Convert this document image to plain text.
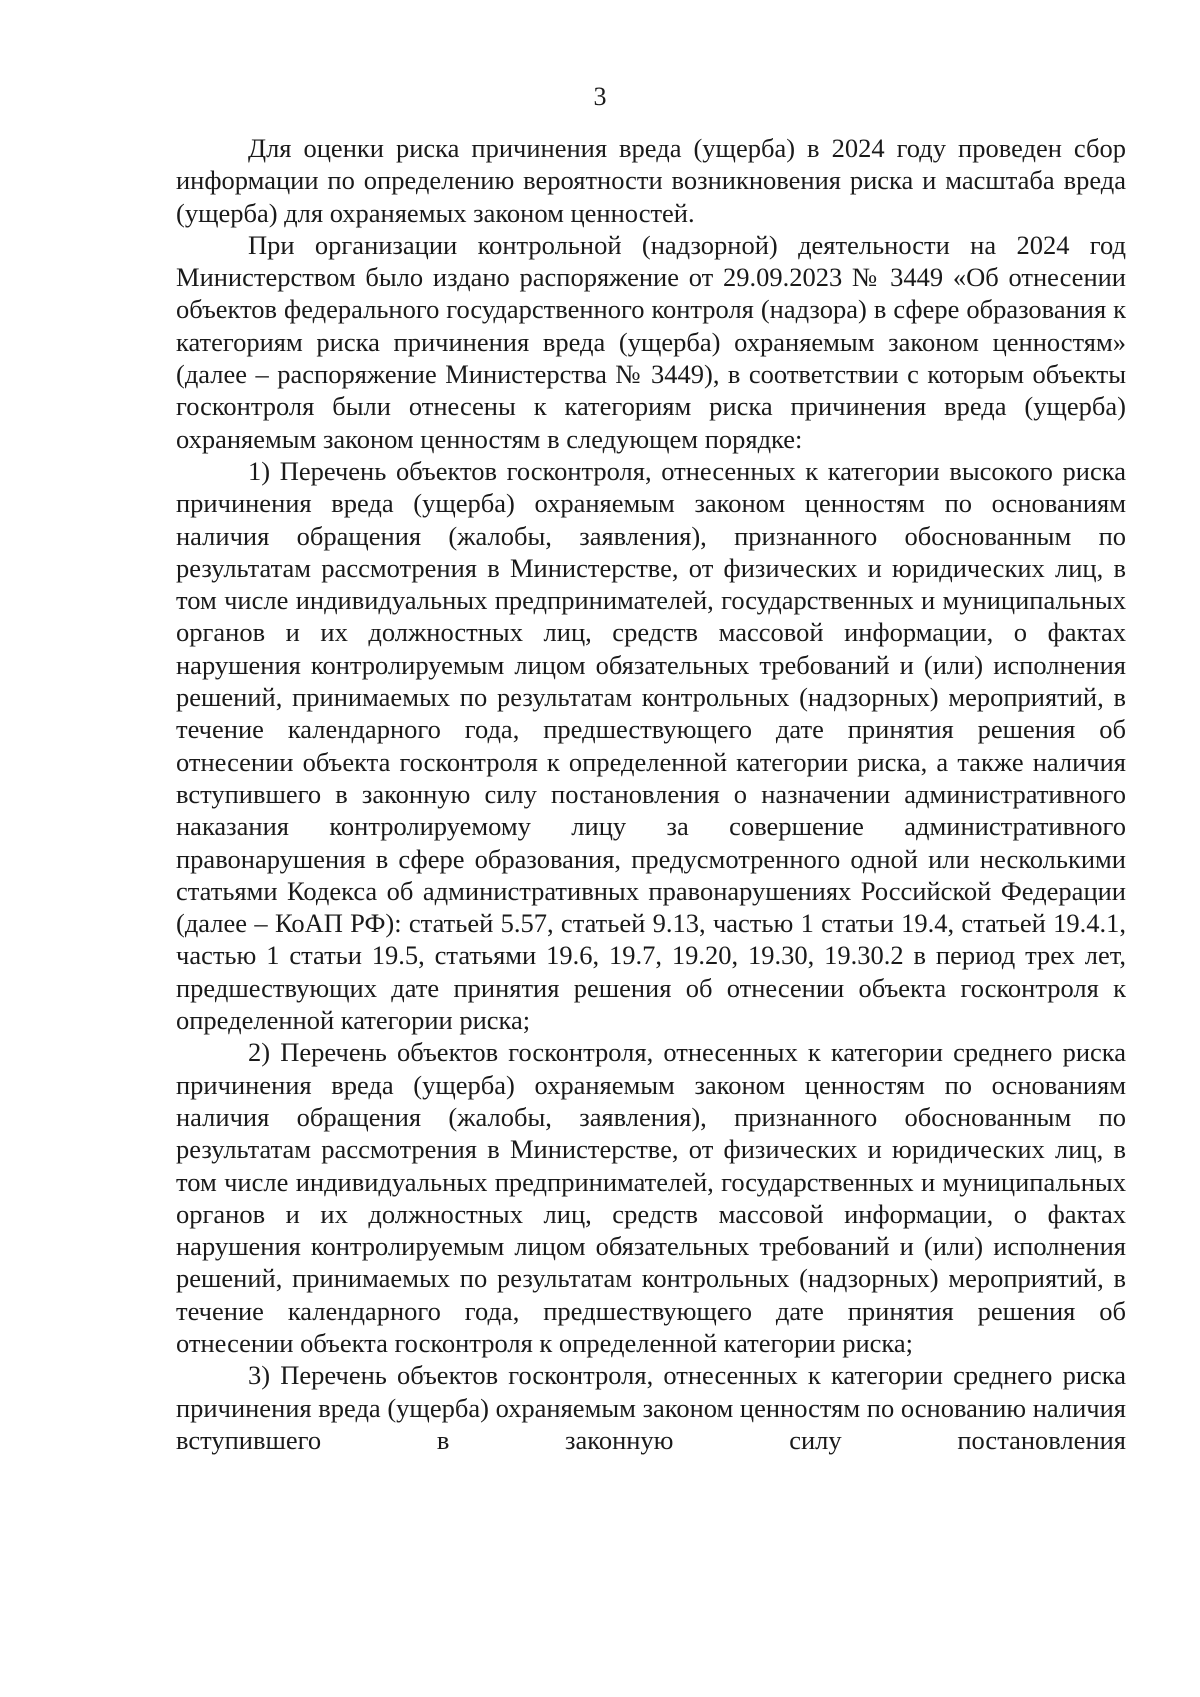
3

Для оценки риска причинения вреда (ущерба) в 2024 году проведен сбор информации по определению вероятности возникновения риска и масштаба вреда (ущерба) для охраняемых законом ценностей.

При организации контрольной (надзорной) деятельности на 2024 год Министерством было издано распоряжение от 29.09.2023 № 3449 «Об отнесении объектов федерального государственного контроля (надзора) в сфере образования к категориям риска причинения вреда (ущерба) охраняемым законом ценностям» (далее – распоряжение Министерства № 3449), в соответствии с которым объекты госконтроля были отнесены к категориям риска причинения вреда (ущерба) охраняемым законом ценностям в следующем порядке:

1) Перечень объектов госконтроля, отнесенных к категории высокого риска причинения вреда (ущерба) охраняемым законом ценностям по основаниям наличия обращения (жалобы, заявления), признанного обоснованным по результатам рассмотрения в Министерстве, от физических и юридических лиц, в том числе индивидуальных предпринимателей, государственных и муниципальных органов и их должностных лиц, средств массовой информации, о фактах нарушения контролируемым лицом обязательных требований и (или) исполнения решений, принимаемых по результатам контрольных (надзорных) мероприятий, в течение календарного года, предшествующего дате принятия решения об отнесении объекта госконтроля к определенной категории риска, а также наличия вступившего в законную силу постановления о назначении административного наказания контролируемому лицу за совершение административного правонарушения в сфере образования, предусмотренного одной или несколькими статьями Кодекса об административных правонарушениях Российской Федерации (далее – КоАП РФ): статьей 5.57, статьей 9.13, частью 1 статьи 19.4, статьей 19.4.1, частью 1 статьи 19.5, статьями 19.6, 19.7, 19.20, 19.30, 19.30.2 в период трех лет, предшествующих дате принятия решения об отнесении объекта госконтроля к определенной категории риска;

2) Перечень объектов госконтроля, отнесенных к категории среднего риска причинения вреда (ущерба) охраняемым законом ценностям по основаниям наличия обращения (жалобы, заявления), признанного обоснованным по результатам рассмотрения в Министерстве, от физических и юридических лиц, в том числе индивидуальных предпринимателей, государственных и муниципальных органов и их должностных лиц, средств массовой информации, о фактах нарушения контролируемым лицом обязательных требований и (или) исполнения решений, принимаемых по результатам контрольных (надзорных) мероприятий, в течение календарного года, предшествующего дате принятия решения об отнесении объекта госконтроля к определенной категории риска;

3) Перечень объектов госконтроля, отнесенных к категории среднего риска причинения вреда (ущерба) охраняемым законом ценностям по основанию наличия вступившего в законную силу постановления
